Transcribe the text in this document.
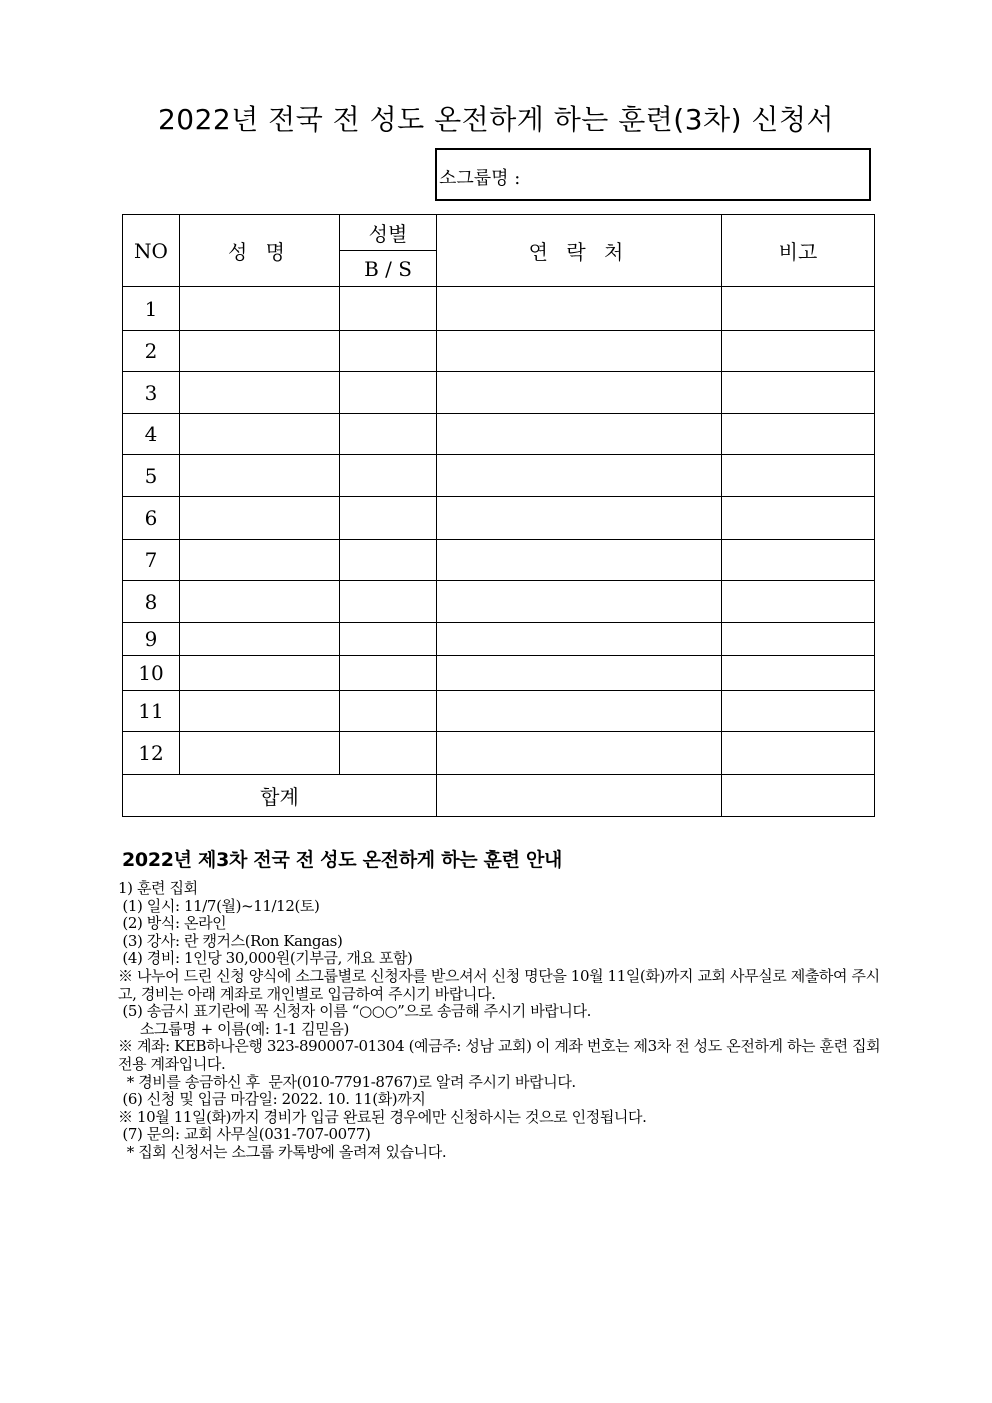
2022년 전국 전 성도 온전하게 하는 훈련(3차) 신청서
소그룹명 :
NO	성 명	성별	연 락 처	비고
		B / S		
1				
2				
3				
4				
5				
6				
7				
8				
9				
10				
11				
12				
합계				
2022년 제3차 전국 전 성도 온전하게 하는 훈련 안내
1) 훈련 집회
(1) 일시: 11/7(월)~11/12(토)
(2) 방식: 온라인
(3) 강사: 란 캥거스(Ron Kangas)
(4) 경비: 1인당 30,000원(기부금, 개요 포함)
※ 나누어 드린 신청 양식에 소그룹별로 신청자를 받으셔서 신청 명단을 10월 11일(화)까지 교회 사무실로 제출하여 주시고, 경비는 아래 계좌로 개인별로 입금하여 주시기 바랍니다.
(5) 송금시 표기란에 꼭 신청자 이름 “○○○”으로 송금해 주시기 바랍니다.
소그룹명 + 이름(예: 1-1 김믿음)
※ 계좌: KEB하나은행 323-890007-01304 (예금주: 성남 교회) 이 계좌 번호는 제3차 전 성도 온전하게 하는 훈련 집회 전용 계좌입니다.
* 경비를 송금하신 후  문자(010-7791-8767)로 알려 주시기 바랍니다.
(6) 신청 및 입금 마감일: 2022. 10. 11(화)까지
※ 10월 11일(화)까지 경비가 입금 완료된 경우에만 신청하시는 것으로 인정됩니다.
(7) 문의: 교회 사무실(031-707-0077)
* 집회 신청서는 소그룹 카톡방에 올려져 있습니다.
